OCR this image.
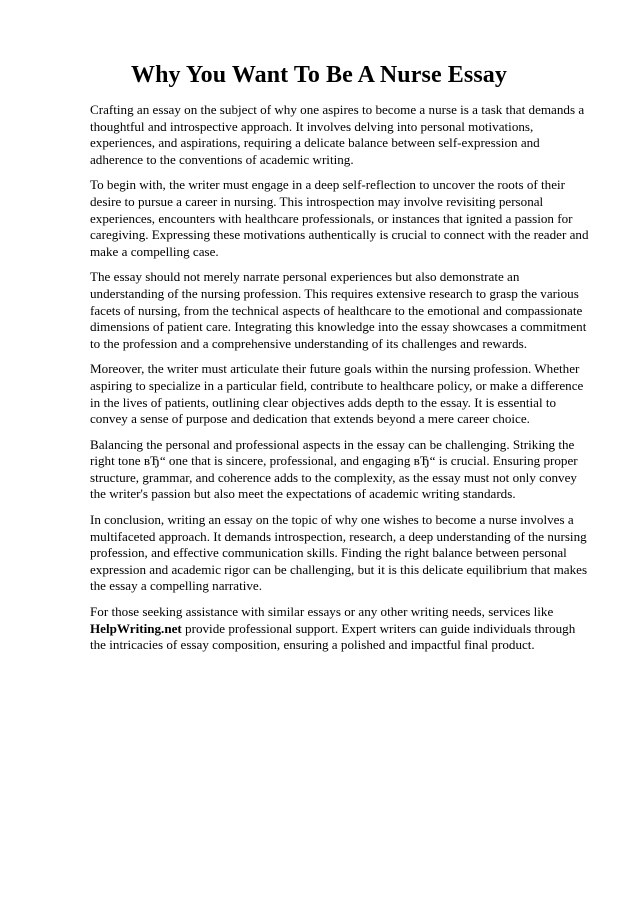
Why You Want To Be A Nurse Essay

Crafting an essay on the subject of why one aspires to become a nurse is a task that demands a thoughtful and introspective approach. It involves delving into personal motivations, experiences, and aspirations, requiring a delicate balance between self-expression and adherence to the conventions of academic writing.

To begin with, the writer must engage in a deep self-reflection to uncover the roots of their desire to pursue a career in nursing. This introspection may involve revisiting personal experiences, encounters with healthcare professionals, or instances that ignited a passion for caregiving. Expressing these motivations authentically is crucial to connect with the reader and make a compelling case.

The essay should not merely narrate personal experiences but also demonstrate an understanding of the nursing profession. This requires extensive research to grasp the various facets of nursing, from the technical aspects of healthcare to the emotional and compassionate dimensions of patient care. Integrating this knowledge into the essay showcases a commitment to the profession and a comprehensive understanding of its challenges and rewards.

Moreover, the writer must articulate their future goals within the nursing profession. Whether aspiring to specialize in a particular field, contribute to healthcare policy, or make a difference in the lives of patients, outlining clear objectives adds depth to the essay. It is essential to convey a sense of purpose and dedication that extends beyond a mere career choice.

Balancing the personal and professional aspects in the essay can be challenging. Striking the right tone вЂ“ one that is sincere, professional, and engaging вЂ“ is crucial. Ensuring proper structure, grammar, and coherence adds to the complexity, as the essay must not only convey the writer's passion but also meet the expectations of academic writing standards.

In conclusion, writing an essay on the topic of why one wishes to become a nurse involves a multifaceted approach. It demands introspection, research, a deep understanding of the nursing profession, and effective communication skills. Finding the right balance between personal expression and academic rigor can be challenging, but it is this delicate equilibrium that makes the essay a compelling narrative.

For those seeking assistance with similar essays or any other writing needs, services like HelpWriting.net provide professional support. Expert writers can guide individuals through the intricacies of essay composition, ensuring a polished and impactful final product.
